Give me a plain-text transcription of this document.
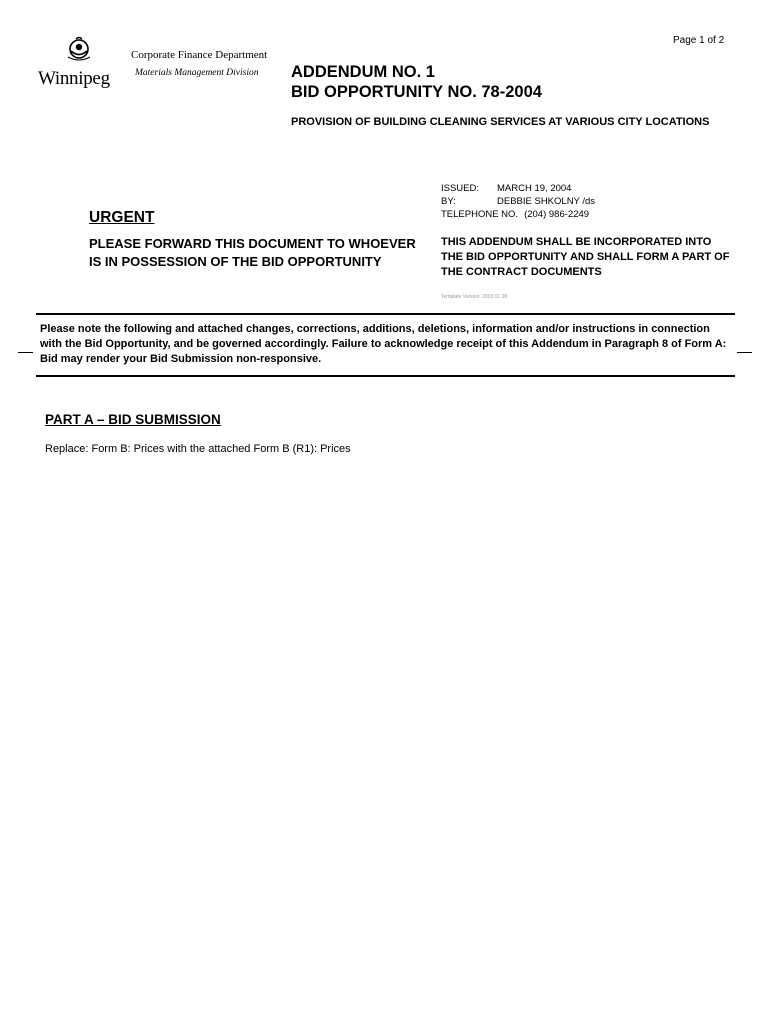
Page 1 of 2
Winnipeg
Corporate Finance Department
Materials Management Division ADDENDUM NO. 1
BID OPPORTUNITY NO. 78-2004
PROVISION OF BUILDING CLEANING SERVICES AT VARIOUS CITY LOCATIONS
ISSUED:	MARCH 19, 2004
BY:	DEBBIE SHKOLNY /ds
TELEPHONE NO. (204) 986-2249
URGENT
PLEASE FORWARD THIS DOCUMENT TO WHOEVER IS IN POSSESSION OF THE BID OPPORTUNITY
THIS ADDENDUM SHALL BE INCORPORATED INTO THE BID OPPORTUNITY AND SHALL FORM A PART OF THE CONTRACT DOCUMENTS
Template Version: 2003 01 08
Please note the following and attached changes, corrections, additions, deletions, information and/or instructions in connection with the Bid Opportunity, and be governed accordingly. Failure to acknowledge receipt of this Addendum in Paragraph 8 of Form A: Bid may render your Bid Submission non-responsive.
PART A – BID SUBMISSION
Replace: Form B: Prices with the attached Form B (R1): Prices
